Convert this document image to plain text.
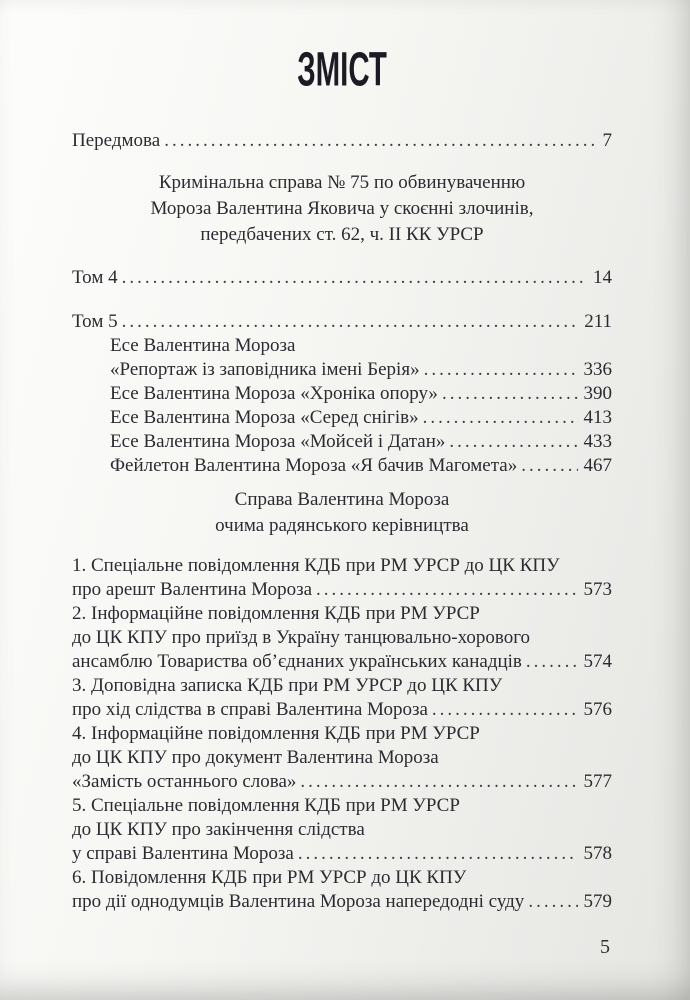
ЗМІСТ
Передмова .....	7
Кримінальна справа № 75 по обвинуваченню
Мороза Валентина Яковича у скоєнні злочинів,
передбачених ст. 62, ч. II КК УРСР
Том 4 .....	14
Том 5 .....	211
Есе Валентина Мороза
«Репортаж із заповідника імені Берія» .....	336
Есе Валентина Мороза «Хроніка опору» .....	390
Есе Валентина Мороза «Серед снігів» .....	413
Есе Валентина Мороза «Мойсей і Датан» .....	433
Фейлетон Валентина Мороза «Я бачив Магомета» .....	467
Справа Валентина Мороза
очима радянського керівництва
1. Спеціальне повідомлення КДБ при РМ УРСР до ЦК КПУ
про арешт Валентина Мороза .....	573
2. Інформаційне повідомлення КДБ при РМ УРСР
до ЦК КПУ про приїзд в Україну танцювально-хорового
ансамблю Товариства об’єднаних українських канадців .....	574
3. Доповідна записка КДБ при РМ УРСР до ЦК КПУ
про хід слідства в справі Валентина Мороза .....	576
4. Інформаційне повідомлення КДБ при РМ УРСР
до ЦК КПУ про документ Валентина Мороза
«Замість останнього слова» .....	577
5. Спеціальне повідомлення КДБ при РМ УРСР
до ЦК КПУ про закінчення слідства
у справі Валентина Мороза .....	578
6. Повідомлення КДБ при РМ УРСР до ЦК КПУ
про дії однодумців Валентина Мороза напередодні суду .....	579
5
